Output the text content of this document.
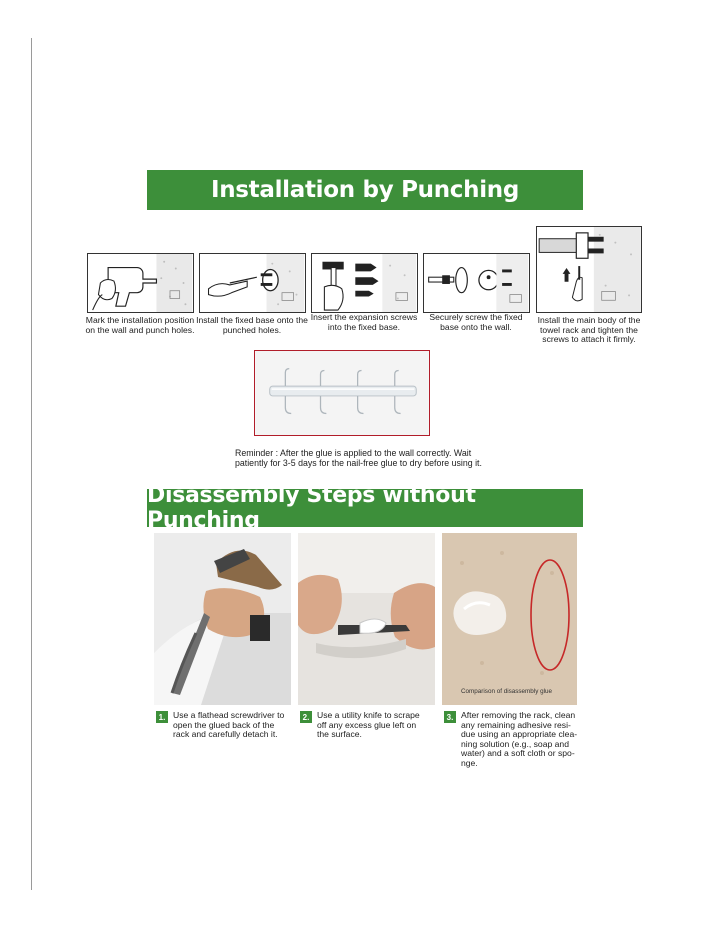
Installation by Punching
Mark the installation position on the wall and punch holes.
Install the fixed base onto the punched holes.
Insert the expansion screws into the fixed base.
Securely screw the fixed base onto the wall.
Install the main body of the towel rack and tighten the screws to attach it firmly.
Reminder : After the glue is applied to the wall correctly. Wait patiently for 3-5 days for the nail-free glue to dry before using it.
Disassembly Steps without Punching
Comparison of disassembly glue
1. Use a flathead screwdriver to open the glued back of the rack and carefully detach it.
2. Use a utility knife to scrape off any excess glue left on the surface.
3. After removing the rack, clean any remaining adhesive resi-due using an appropriate clea-ning solution (e.g., soap and water) and a soft cloth or spo-nge.
